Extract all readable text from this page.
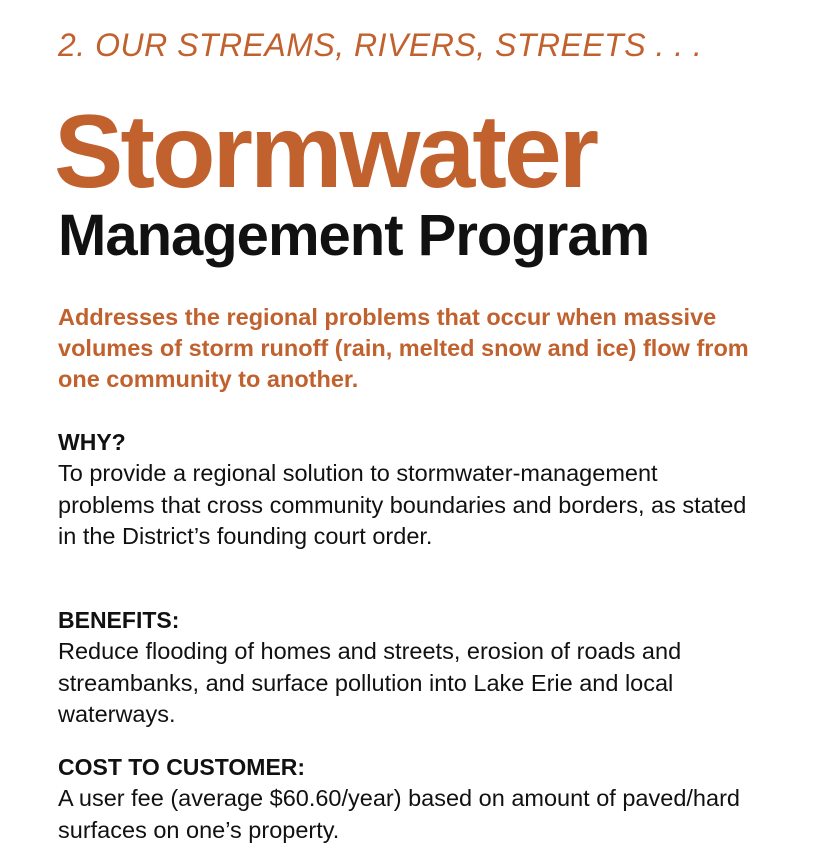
2. OUR STREAMS, RIVERS, STREETS . . .
Stormwater
Management Program
Addresses the regional problems that occur when massive volumes of storm runoff (rain, melted snow and ice) flow from one community to another.
WHY?
To provide a regional solution to stormwater-management problems that cross community boundaries and borders, as stated in the District’s founding court order.
BENEFITS:
Reduce flooding of homes and streets, erosion of roads and streambanks, and surface pollution into Lake Erie and local waterways.
COST TO CUSTOMER:
A user fee (average $60.60/year) based on amount of paved/hard surfaces on one’s property.
